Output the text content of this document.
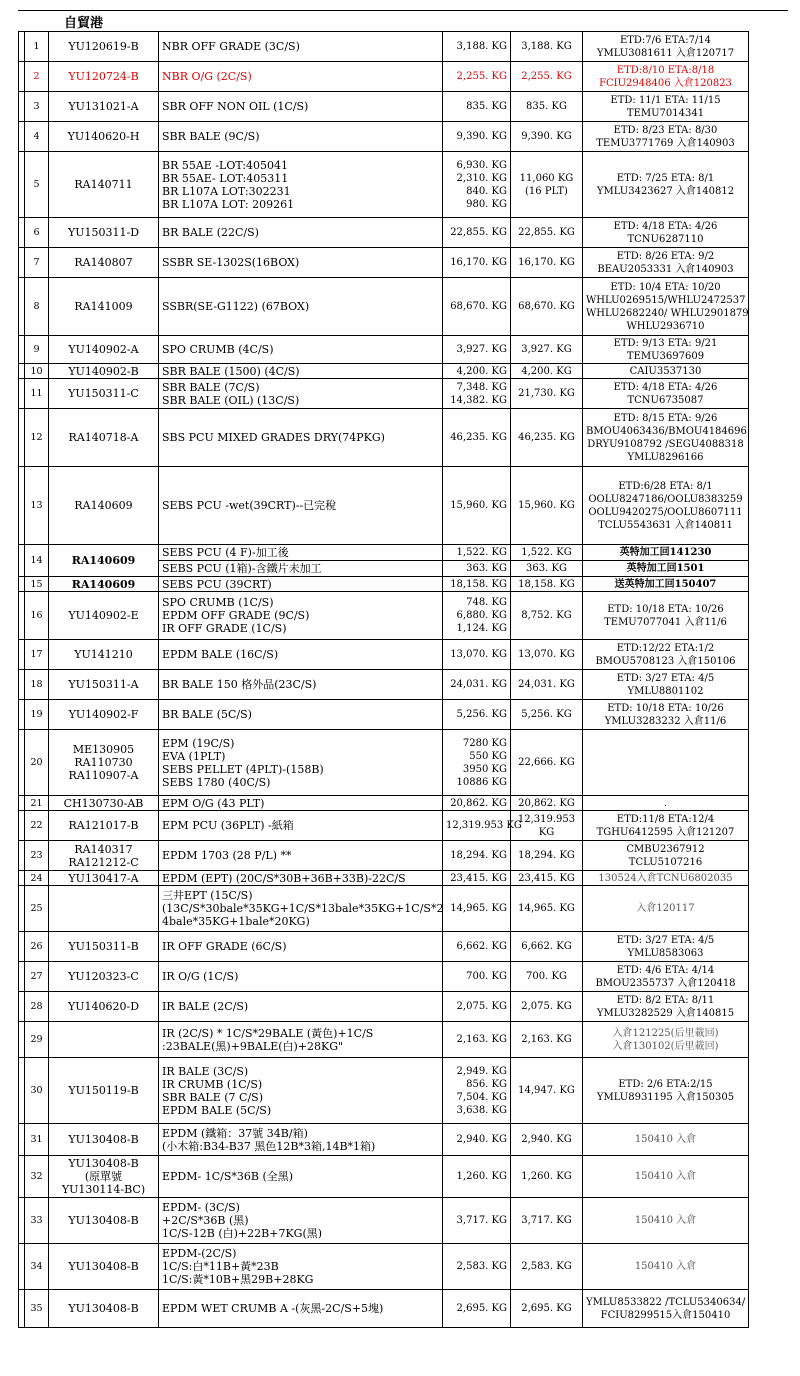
自貿港
	1	YU120619-B	NBR OFF GRADE (3C/S)	3,188. KG	3,188. KG	ETD:7/6 ETA:7/14
YMLU3081611 入倉120717

	2	YU120724-B	NBR O/G (2C/S)	2,255. KG	2,255. KG	ETD:8/10 ETA:8/18
FCIU2948406 入倉120823

	3	YU131021-A	SBR OFF NON OIL (1C/S)	835. KG	835. KG	ETD: 11/1 ETA: 11/15
TEMU7014341

	4	YU140620-H	SBR BALE (9C/S)	9,390. KG	9,390. KG	ETD: 8/23 ETA: 8/30
TEMU3771769 入倉140903

	5	RA140711	BR 55AE -LOT:405041
BR 55AE- LOT:405311
BR L107A LOT:302231
BR L107A LOT: 209261	6,930. KG
2,310. KG
840. KG
980. KG	11,060 KG
(16 PLT)	ETD: 7/25 ETA: 8/1
YMLU3423627 入倉140812

	6	YU150311-D	BR BALE (22C/S)	22,855. KG	22,855. KG	ETD: 4/18 ETA: 4/26
TCNU6287110

	7	RA140807	SSBR SE-1302S(16BOX)	16,170. KG	16,170. KG	ETD: 8/26 ETA: 9/2
BEAU2053331 入倉140903

	8	RA141009	SSBR(SE-G1122) (67BOX)	68,670. KG	68,670. KG	ETD: 10/4 ETA: 10/20
WHLU0269515/WHLU2472537
WHLU2682240/ WHLU2901879
WHLU2936710

	9	YU140902-A	SPO CRUMB (4C/S)	3,927. KG	3,927. KG	ETD: 9/13 ETA: 9/21
TEMU3697609

	10	YU140902-B	SBR BALE (1500) (4C/S)	4,200. KG	4,200. KG	CAIU3537130

	11	YU150311-C	SBR BALE (7C/S)
SBR BALE (OIL) (13C/S)	7,348. KG
14,382. KG	21,730. KG	ETD: 4/18 ETA: 4/26
TCNU6735087

	12	RA140718-A	SBS PCU MIXED GRADES DRY(74PKG)	46,235. KG	46,235. KG	ETD: 8/15 ETA: 9/26
BMOU4063436/BMOU4184696
DRYU9108792 /SEGU4088318
YMLU8296166

	13	RA140609	SEBS PCU -wet(39CRT)--已完稅	15,960. KG	15,960. KG	ETD:6/28 ETA: 8/1
OOLU8247186/OOLU8383259
OOLU9420275/OOLU8607111
TCLU5543631 入倉140811

	14	RA140609	SEBS PCU (4 F)-加工後	1,522. KG	1,522. KG	英特加工回141230

			SEBS PCU (1箱)-含鐵片未加工	363. KG	363. KG	英特加工回1501

	15	RA140609	SEBS PCU (39CRT)	18,158. KG	18,158. KG	送英特加工回150407

	16	YU140902-E	SPO CRUMB (1C/S)
EPDM OFF GRADE (9C/S)
IR OFF GRADE (1C/S)	748. KG
6,880. KG
1,124. KG	8,752. KG	ETD: 10/18 ETA: 10/26
TEMU7077041 入倉11/6

	17	YU141210	EPDM BALE (16C/S)	13,070. KG	13,070. KG	ETD:12/22 ETA:1/2
BMOU5708123 入倉150106

	18	YU150311-A	BR BALE 150 格外品(23C/S)	24,031. KG	24,031. KG	ETD: 3/27 ETA: 4/5
YMLU8801102

	19	YU140902-F	BR BALE (5C/S)	5,256. KG	5,256. KG	ETD: 10/18 ETA: 10/26
YMLU3283232 入倉11/6

	20	ME130905
RA110730
RA110907-A	EPM (19C/S)
EVA (1PLT)
SEBS PELLET (4PLT)-(158B)
SEBS 1780 (40C/S)	7280 KG
550 KG
3950 KG
10886 KG	22,666. KG	

	21	CH130730-AB	EPM O/G (43 PLT)	20,862. KG	20,862. KG	.

	22	RA121017-B	EPM PCU (36PLT) -紙箱	12,319.953 KG	12,319.953 KG	ETD:11/8 ETA:12/4
TGHU6412595 入倉121207

	23	RA140317
RA121212-C	EPDM 1703 (28 P/L) **	18,294. KG	18,294. KG	CMBU2367912
TCLU5107216

	24	YU130417-A	EPDM (EPT) (20C/S*30B+36B+33B)-22C/S	23,415. KG	23,415. KG	130524入倉TCNU6802035

	25		三井EPT (15C/S)
(13C/S*30bale*35KG+1C/S*13bale*35KG+1C/S*2
4bale*35KG+1bale*20KG)	14,965. KG	14,965. KG	入倉120117

	26	YU150311-B	IR OFF GRADE (6C/S)	6,662. KG	6,662. KG	ETD: 3/27 ETA: 4/5
YMLU8583063

	27	YU120323-C	IR O/G (1C/S)	700. KG	700. KG	ETD: 4/6 ETA: 4/14
BMOU2355737 入倉120418

	28	YU140620-D	IR BALE (2C/S)	2,075. KG	2,075. KG	ETD: 8/2 ETA: 8/11
YMLU3282529 入倉140815

	29		IR (2C/S) * 1C/S*29BALE (黃色)+1C/S
:23BALE(黑)+9BALE(白)+28KG"	2,163. KG	2,163. KG	入倉121225(后里載回)
入倉130102(后里載回)

	30	YU150119-B	IR BALE (3C/S)
IR CRUMB (1C/S)
SBR BALE (7 C/S)
EPDM BALE (5C/S)	2,949. KG
856. KG
7,504. KG
3,638. KG	14,947. KG	ETD: 2/6 ETA:2/15
YMLU8931195 入倉150305

	31	YU130408-B	EPDM (鐵箱：37號 34B/箱)
(小木箱:B34-B37 黑色12B*3箱,14B*1箱)	2,940. KG	2,940. KG	150410 入倉

	32	YU130408-B
(原單號
YU130114-BC)	EPDM- 1C/S*36B (全黑)	1,260. KG	1,260. KG	150410 入倉

	33	YU130408-B	EPDM- (3C/S)
+2C/S*36B (黑)
1C/S-12B (白)+22B+7KG(黑)	3,717. KG	3,717. KG	150410 入倉

	34	YU130408-B	EPDM-(2C/S)
1C/S:白*11B+黃*23B
1C/S:黃*10B+黑29B+28KG	2,583. KG	2,583. KG	150410 入倉

	35	YU130408-B	EPDM WET CRUMB A -(灰黑-2C/S+5塊)	2,695. KG	2,695. KG	YMLU8533822 /TCLU5340634/
FCIU8299515入倉150410
